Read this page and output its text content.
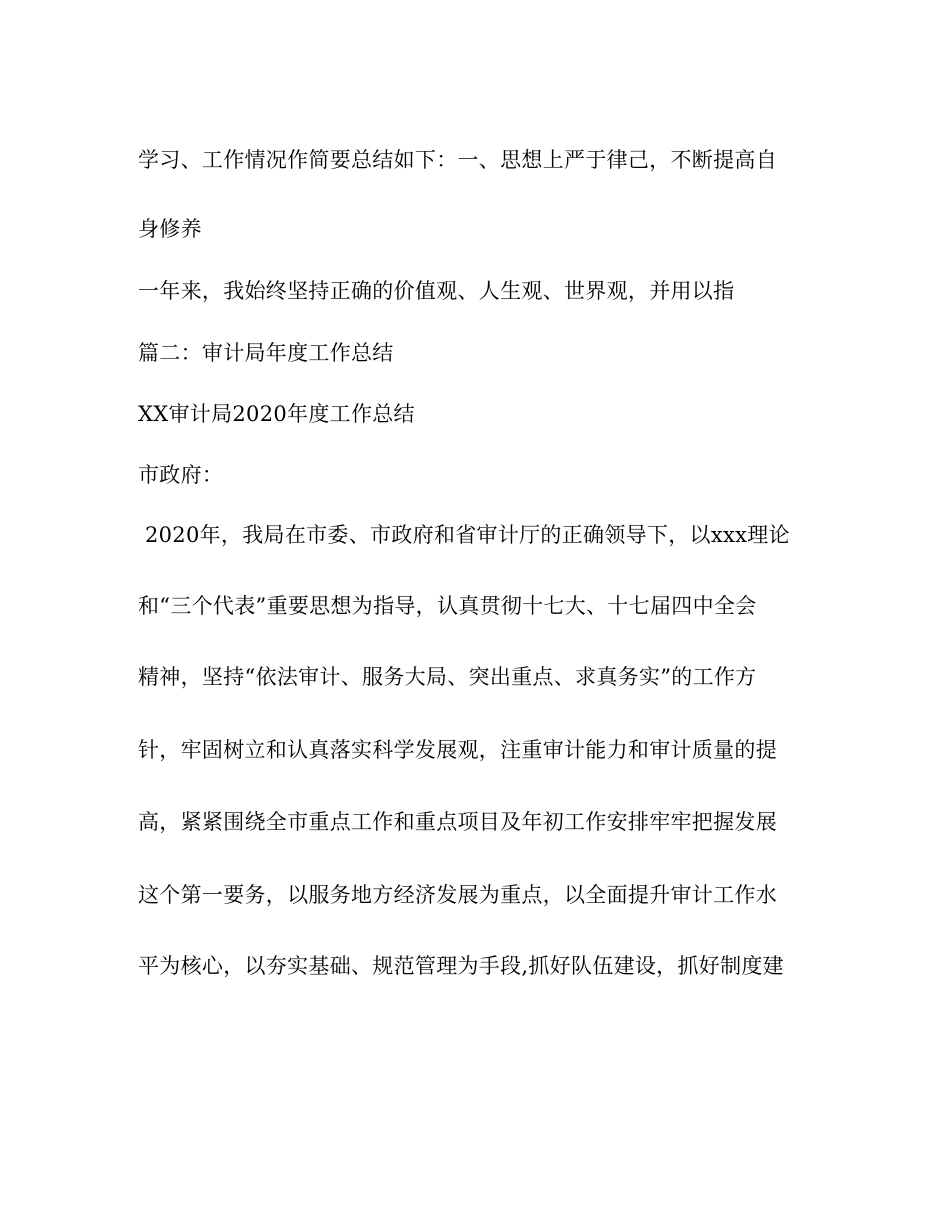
学习、工作情况作简要总结如下：一、思想上严于律己，不断提高自
身修养
一年来，我始终坚持正确的价值观、人生观、世界观，并用以指
篇二：审计局年度工作总结
XX审计局2020年度工作总结
市政府：
2020年，我局在市委、市政府和省审计厅的正确领导下，以xxx理论
和“三个代表”重要思想为指导，认真贯彻十七大、十七届四中全会
精神，坚持“依法审计、服务大局、突出重点、求真务实”的工作方
针，牢固树立和认真落实科学发展观，注重审计能力和审计质量的提
高，紧紧围绕全市重点工作和重点项目及年初工作安排牢牢把握发展
这个第一要务，以服务地方经济发展为重点，以全面提升审计工作水
平为核心，以夯实基础、规范管理为手段,抓好队伍建设，抓好制度建
